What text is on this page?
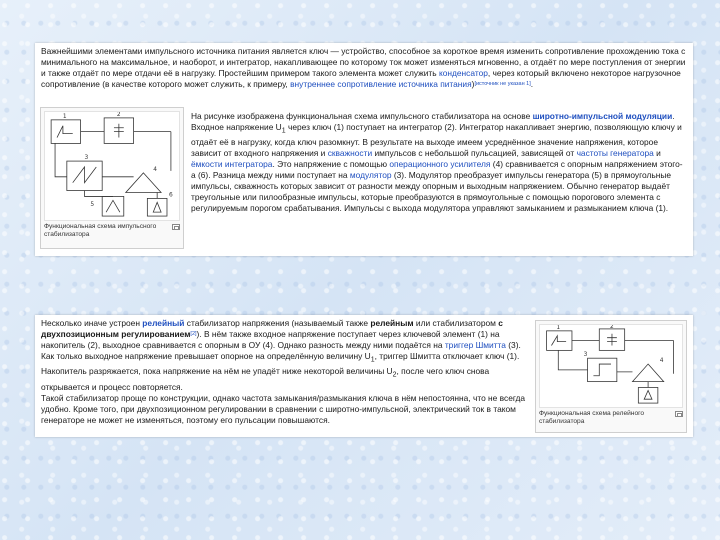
Важнейшими элементами импульсного источника питания является ключ — устройство, способное за короткое время изменить сопротивление прохождению тока с минимального на максимальное, и наоборот, и интегратор, накапливающее по которому ток может изменяться мгновенно, а отдаёт по мере поступления от энергии и также отдаёт по мере отдачи её в нагрузку. Простейшим примером такого элемента может служить конденсатор, через который включено некоторое нагрузочное сопротивление (в качестве которого может служить, к примеру, внутреннее сопротивление источника питания)[источник не указан 1].

1	2
3
4
5
6
Функциональная схема импульсного стабилизатора

На рисунке изображена функциональная схема импульсного стабилизатора на основе широтно-импульсной модуляции. Входное напряжение $U_1$ через ключ (1) поступает на интегратор (2). Интегратор накапливает энергию, позволяющую ключу и отдаёт её в нагрузку, когда ключ разомкнут. В результате на выходе имеем усреднённое значение напряжения, которое зависит от входного напряжения и скважности импульсов с небольшой пульсацией, зависящей от частоты генератора и ёмкости интегратора. Это напряжение с помощью операционного усилителя (4) сравнивается с опорным напряжением этого-а (6). Разница между ними поступает на модулятор (3). Модулятор преобразует импульсы генератора (5) в прямоугольные импульсы, скважность которых зависит от разности между опорным и выходным напряжением. Обычно генератор выдаёт треугольные или пилообразные импульсы, которые преобразуются в прямоугольные с помощью порогового элемента с регулируемым порогом срабатывания. Импульсы с выхода модулятора управляют замыканием и размыканием ключа (1).

Несколько иначе устроен релейный стабилизатор напряжения (называемый также релейным или стабилизатором с двухпозиционным регулированием[2]). В нём также входное напряжение поступает через ключевой элемент (1) на накопитель (2), выходное сравнивается с опорным в ОУ (4). Однако разность между ними подаётся на триггер Шмитта (3). Как только выходное напряжение превышает опорное на определённую величину $U_1$, триггер Шмитта отключает ключ (1). Накопитель разряжается, пока напряжение на нём не упадёт ниже некоторой величины $U_2$, после чего ключ снова открывается и процесс повторяется.

Такой стабилизатор проще по конструкции, однако частота замыкания/размыкания ключа в нём непостоянна, что не всегда удобно. Кроме того, при двухпозиционном регулировании в сравнении с широтно-импульсной, электрический ток в таком генераторе не может не изменяться, поэтому его пульсации повышаются.

1	2
3
4
Функциональная схема релейного стабилизатора
